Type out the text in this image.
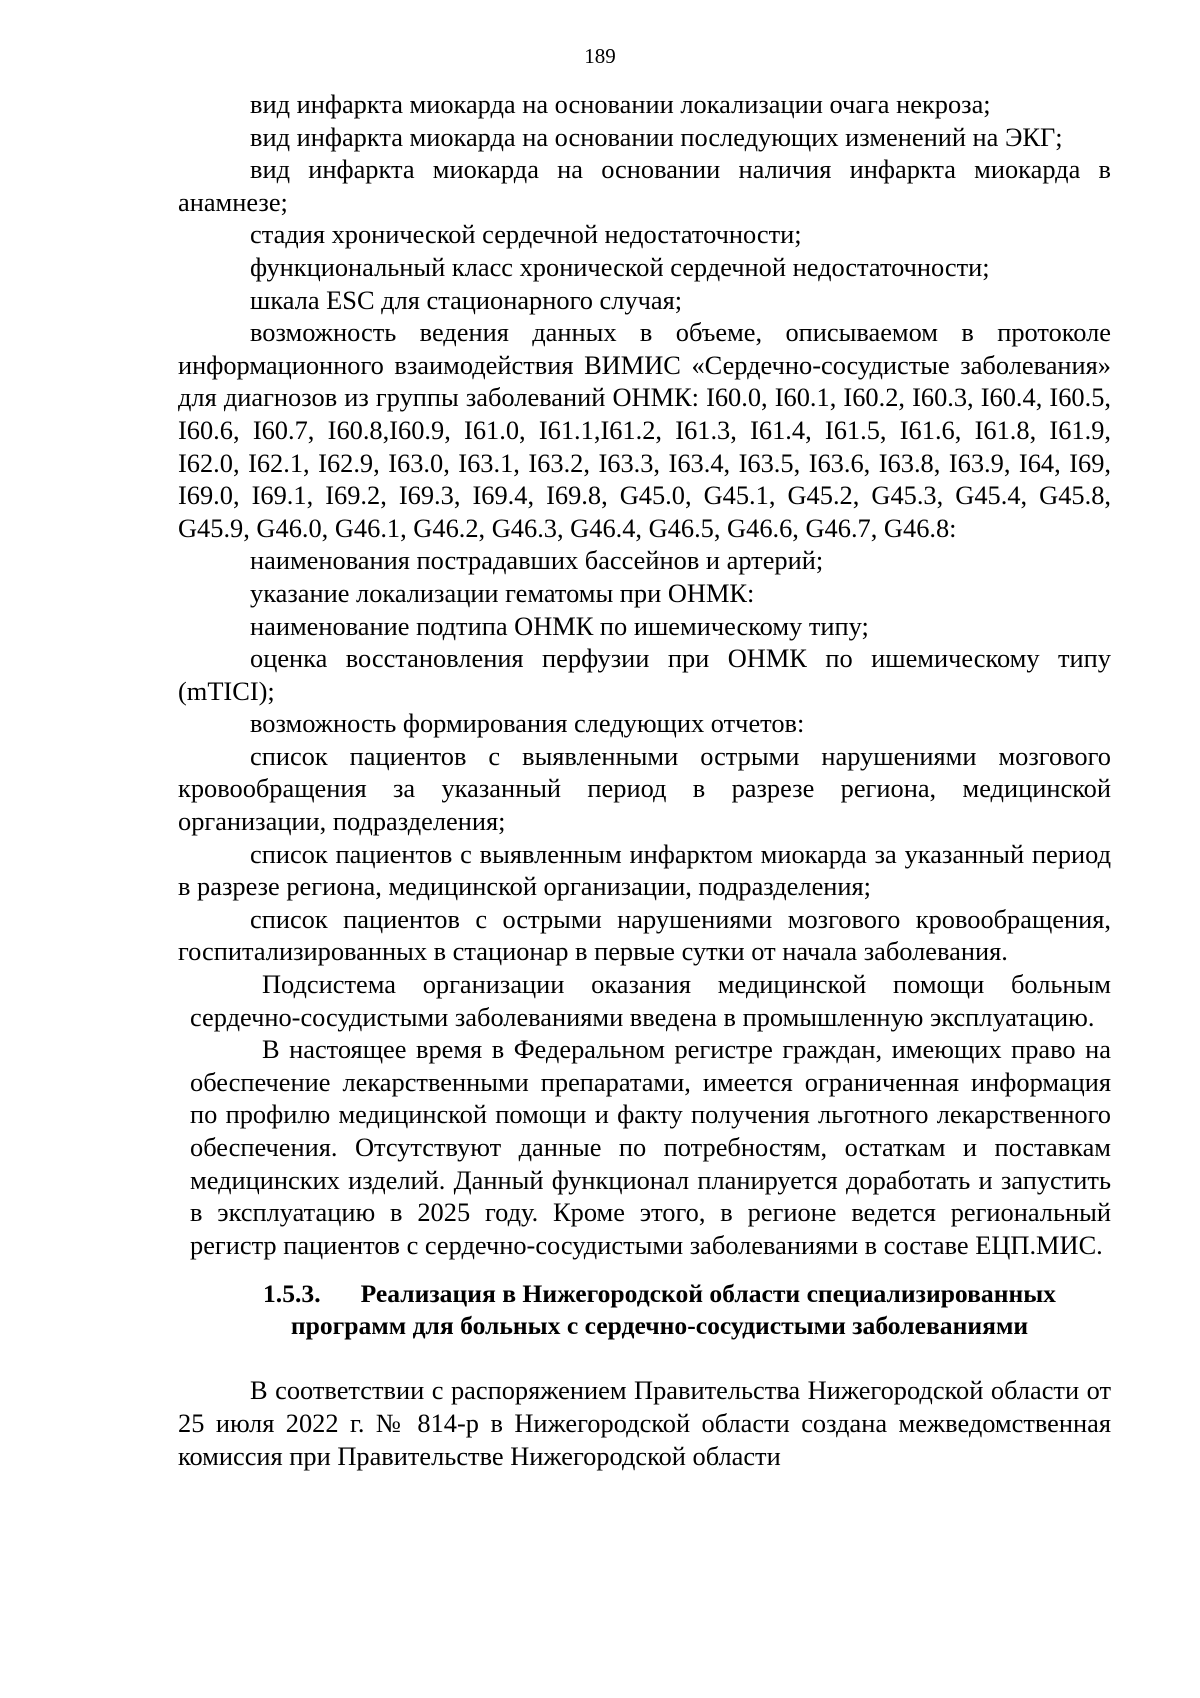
189

вид инфаркта миокарда на основании локализации очага некроза;

вид инфаркта миокарда на основании последующих изменений на ЭКГ;

вид инфаркта миокарда на основании наличия инфаркта миокарда в анамнезе;

стадия хронической сердечной недостаточности;

функциональный класс хронической сердечной недостаточности;

шкала ESC для стационарного случая;

возможность ведения данных в объеме, описываемом в протоколе информационного взаимодействия ВИМИС «Сердечно-сосудистые заболевания» для диагнозов из группы заболеваний ОНМК: I60.0, I60.1, I60.2, I60.3, I60.4, I60.5, I60.6, I60.7, I60.8,I60.9, I61.0, I61.1,I61.2, I61.3, I61.4, I61.5, I61.6, I61.8, I61.9, I62.0, I62.1, I62.9, I63.0, I63.1, I63.2, I63.3, I63.4, I63.5, I63.6, I63.8, I63.9, I64, I69, I69.0, I69.1, I69.2, I69.3, I69.4, I69.8, G45.0, G45.1, G45.2, G45.3, G45.4, G45.8, G45.9, G46.0, G46.1, G46.2, G46.3, G46.4, G46.5, G46.6, G46.7, G46.8:

наименования пострадавших бассейнов и артерий;

указание локализации гематомы при ОНМК:

наименование подтипа ОНМК по ишемическому типу;

оценка восстановления перфузии при ОНМК по ишемическому типу (mTICI);

возможность формирования следующих отчетов:

список пациентов с выявленными острыми нарушениями мозгового кровообращения за указанный период в разрезе региона, медицинской организации, подразделения;

список пациентов с выявленным инфарктом миокарда за указанный период в разрезе региона, медицинской организации, подразделения;

список пациентов с острыми нарушениями мозгового кровообращения, госпитализированных в стационар в первые сутки от начала заболевания.

Подсистема организации оказания медицинской помощи больным сердечно-сосудистыми заболеваниями введена в промышленную эксплуатацию.

В настоящее время в Федеральном регистре граждан, имеющих право на обеспечение лекарственными препаратами, имеется ограниченная информация по профилю медицинской помощи и факту получения льготного лекарственного обеспечения. Отсутствуют данные по потребностям, остаткам и поставкам медицинских изделий. Данный функционал планируется доработать и запустить в эксплуатацию в 2025 году. Кроме этого, в регионе ведется региональный регистр пациентов с сердечно-сосудистыми заболеваниями в составе ЕЦП.МИС.

1.5.3. Реализация в Нижегородской области специализированных программ для больных с сердечно-сосудистыми заболеваниями

В соответствии с распоряжением Правительства Нижегородской области от 25 июля 2022 г. № 814-р в Нижегородской области создана межведомственная комиссия при Правительстве Нижегородской области
